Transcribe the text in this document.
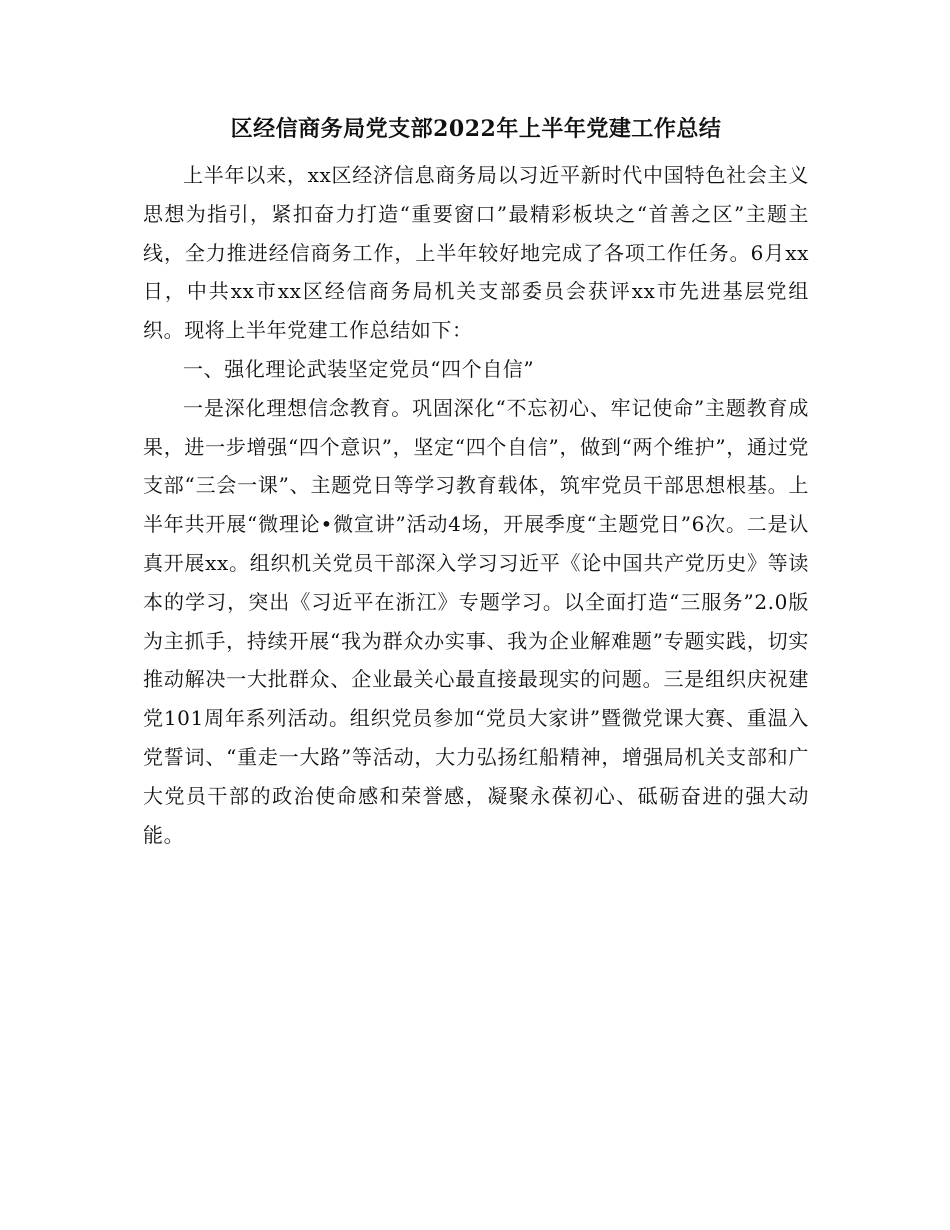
区经信商务局党支部2022年上半年党建工作总结

上半年以来，xx区经济信息商务局以习近平新时代中国特色社会主义思想为指引，紧扣奋力打造“重要窗口”最精彩板块之“首善之区”主题主线，全力推进经信商务工作，上半年较好地完成了各项工作任务。6月xx日，中共xx市xx区经信商务局机关支部委员会获评xx市先进基层党组织。现将上半年党建工作总结如下：

一、强化理论武装坚定党员“四个自信”

一是深化理想信念教育。巩固深化“不忘初心、牢记使命”主题教育成果，进一步增强“四个意识”，坚定“四个自信”，做到“两个维护”，通过党支部“三会一课”、主题党日等学习教育载体，筑牢党员干部思想根基。上半年共开展“微理论•微宣讲”活动4场，开展季度“主题党日”6次。二是认真开展xx。组织机关党员干部深入学习习近平《论中国共产党历史》等读本的学习，突出《习近平在浙江》专题学习。以全面打造“三服务”2.0版为主抓手，持续开展“我为群众办实事、我为企业解难题”专题实践，切实推动解决一大批群众、企业最关心最直接最现实的问题。三是组织庆祝建党101周年系列活动。组织党员参加“党员大家讲”暨微党课大赛、重温入党誓词、“重走一大路”等活动，大力弘扬红船精神，增强局机关支部和广大党员干部的政治使命感和荣誉感，凝聚永葆初心、砥砺奋进的强大动能。
